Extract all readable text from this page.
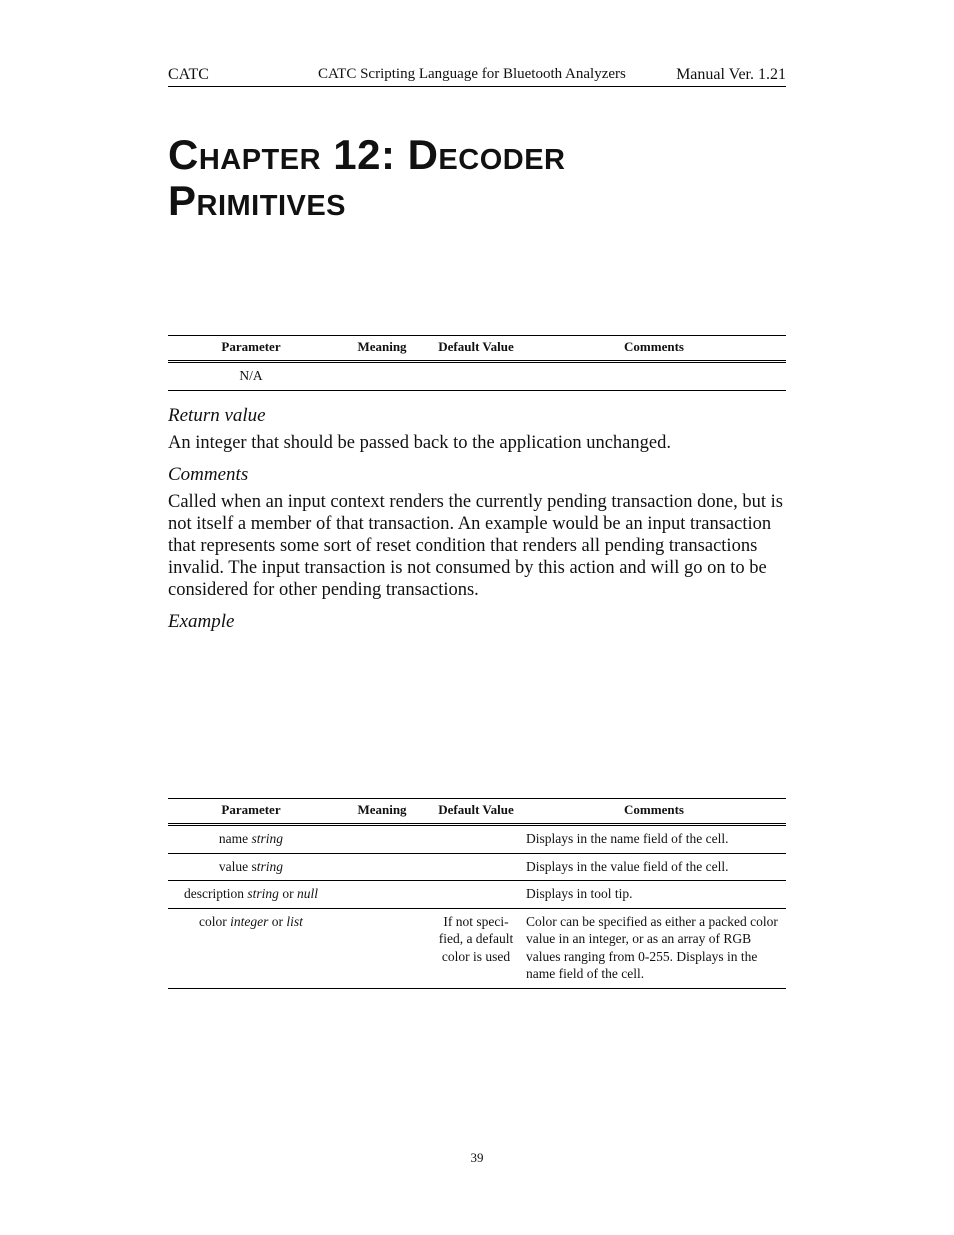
CATC	CATC Scripting Language for Bluetooth Analyzers	Manual Ver. 1.21
Chapter 12: Decoder
Primitives
Parameter	Meaning	Default Value	Comments
N/A			
Return value

An integer that should be passed back to the application unchanged.

Comments

Called when an input context renders the currently pending transaction done, but is not itself a member of that transaction. An example would be an input transaction that represents some sort of reset condition that renders all pending transactions invalid. The input transaction is not consumed by this action and will go on to be considered for other pending transactions.

Example
Parameter	Meaning	Default Value	Comments
name string			Displays in the name field of the cell.
value string			Displays in the value field of the cell.
description string or null			Displays in tool tip.
color integer or list		If not speci-
fied, a default
color is used	Color can be specified as either a packed color value in an integer, or as an array of RGB values ranging from 0-255. Displays in the name field of the cell.
39
